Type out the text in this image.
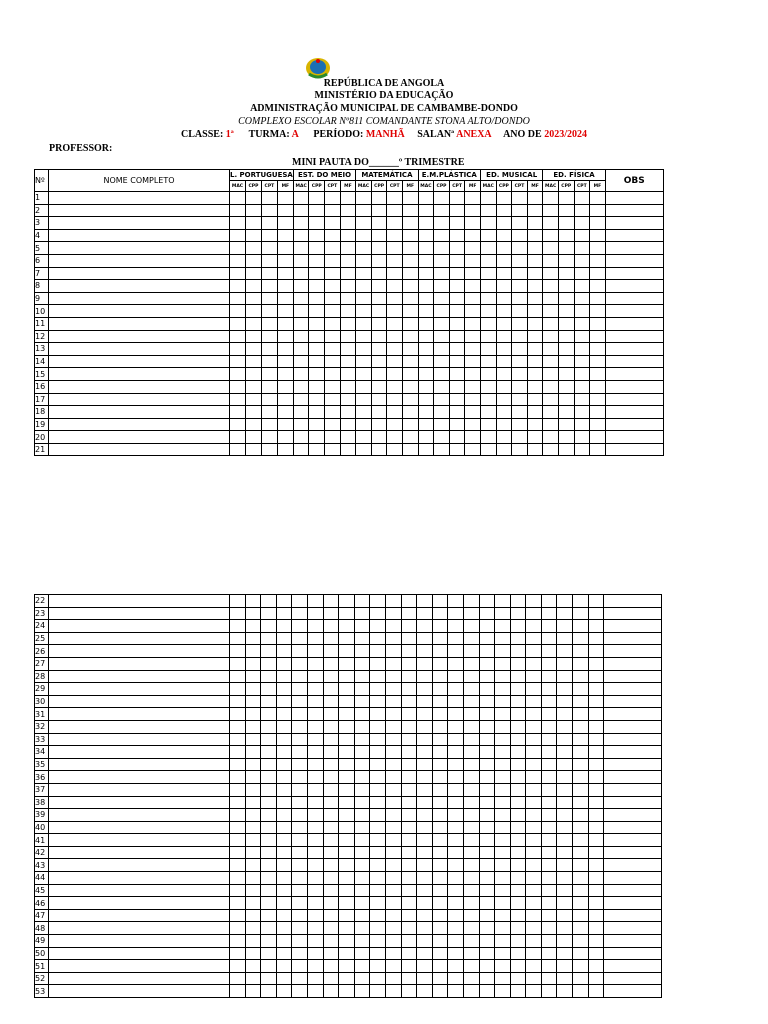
REPÚBLICA DE ANGOLA
MINISTÉRIO DA EDUCAÇÃO
ADMINISTRAÇÃO MUNICIPAL DE CAMBAMBE-DONDO
COMPLEXO ESCOLAR Nº811 COMANDANTE STONA ALTO/DONDO
CLASSE: 1ª TURMA: A PERÍODO: MANHÃ SALANª ANEXA ANO DE 2023/2024
PROFESSOR:
MINI PAUTA DO______º TRIMESTRE
Nº	NOME COMPLETO	L. PORTUGUESA				EST. DO MEIO				MATEMÁTICA				E.M.PLÁSTICA				ED. MUSICAL				ED. FÍSICA				OBS
		MAC	CPP	CPT	MF	MAC	CPP	CPT	MF	MAC	CPP	CPT	MF	MAC	CPP	CPT	MF	MAC	CPP	CPT	MF	MAC	CPP	CPT	MF	
1																										
2																										
3																										
4																										
5																										
6																										
7																										
8																										
9																										
10																										
11																										
12																										
13																										
14																										
15																										
16																										
17																										
18																										
19																										
20																										
21																										
22																										
23																										
24																										
25																										
26																										
27																										
28																										
29																										
30																										
31																										
32																										
33																										
34																										
35																										
36																										
37																										
38																										
39																										
40																										
41																										
42																										
43																										
44																										
45																										
46																										
47																										
48																										
49																										
50																										
51																										
52																										
53																										
